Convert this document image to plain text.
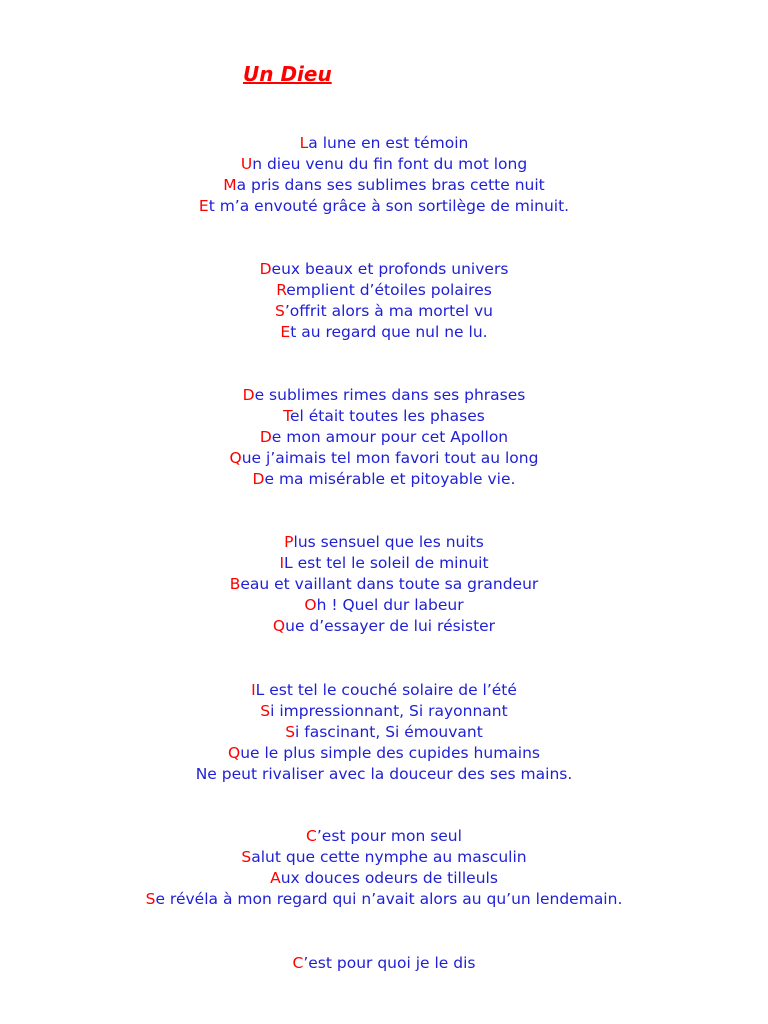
Un Dieu
La lune en est témoin
Un dieu venu du fin font du mot long
Ma pris dans ses sublimes bras cette nuit
Et m’a envouté grâce à son sortilège de minuit.
Deux beaux et profonds univers
Remplient d’étoiles polaires
S’offrit alors à ma mortel vu
Et au regard que nul ne lu.
De sublimes rimes dans ses phrases
Tel était toutes les phases
De mon amour pour cet Apollon
Que j’aimais tel mon favori tout au long
De ma misérable et pitoyable vie.
Plus sensuel que les nuits
IL est tel le soleil de minuit
Beau et vaillant dans toute sa grandeur
Oh ! Quel dur labeur
Que d’essayer de lui résister
IL est tel le couché solaire de l’été
Si impressionnant, Si rayonnant
Si fascinant, Si émouvant
Que le plus simple des cupides humains
Ne peut rivaliser avec la douceur des ses mains.
C’est pour mon seul
Salut que cette nymphe au masculin
Aux douces odeurs de tilleuls
Se révéla à mon regard qui n’avait alors au qu’un lendemain.
C’est pour quoi je le dis
